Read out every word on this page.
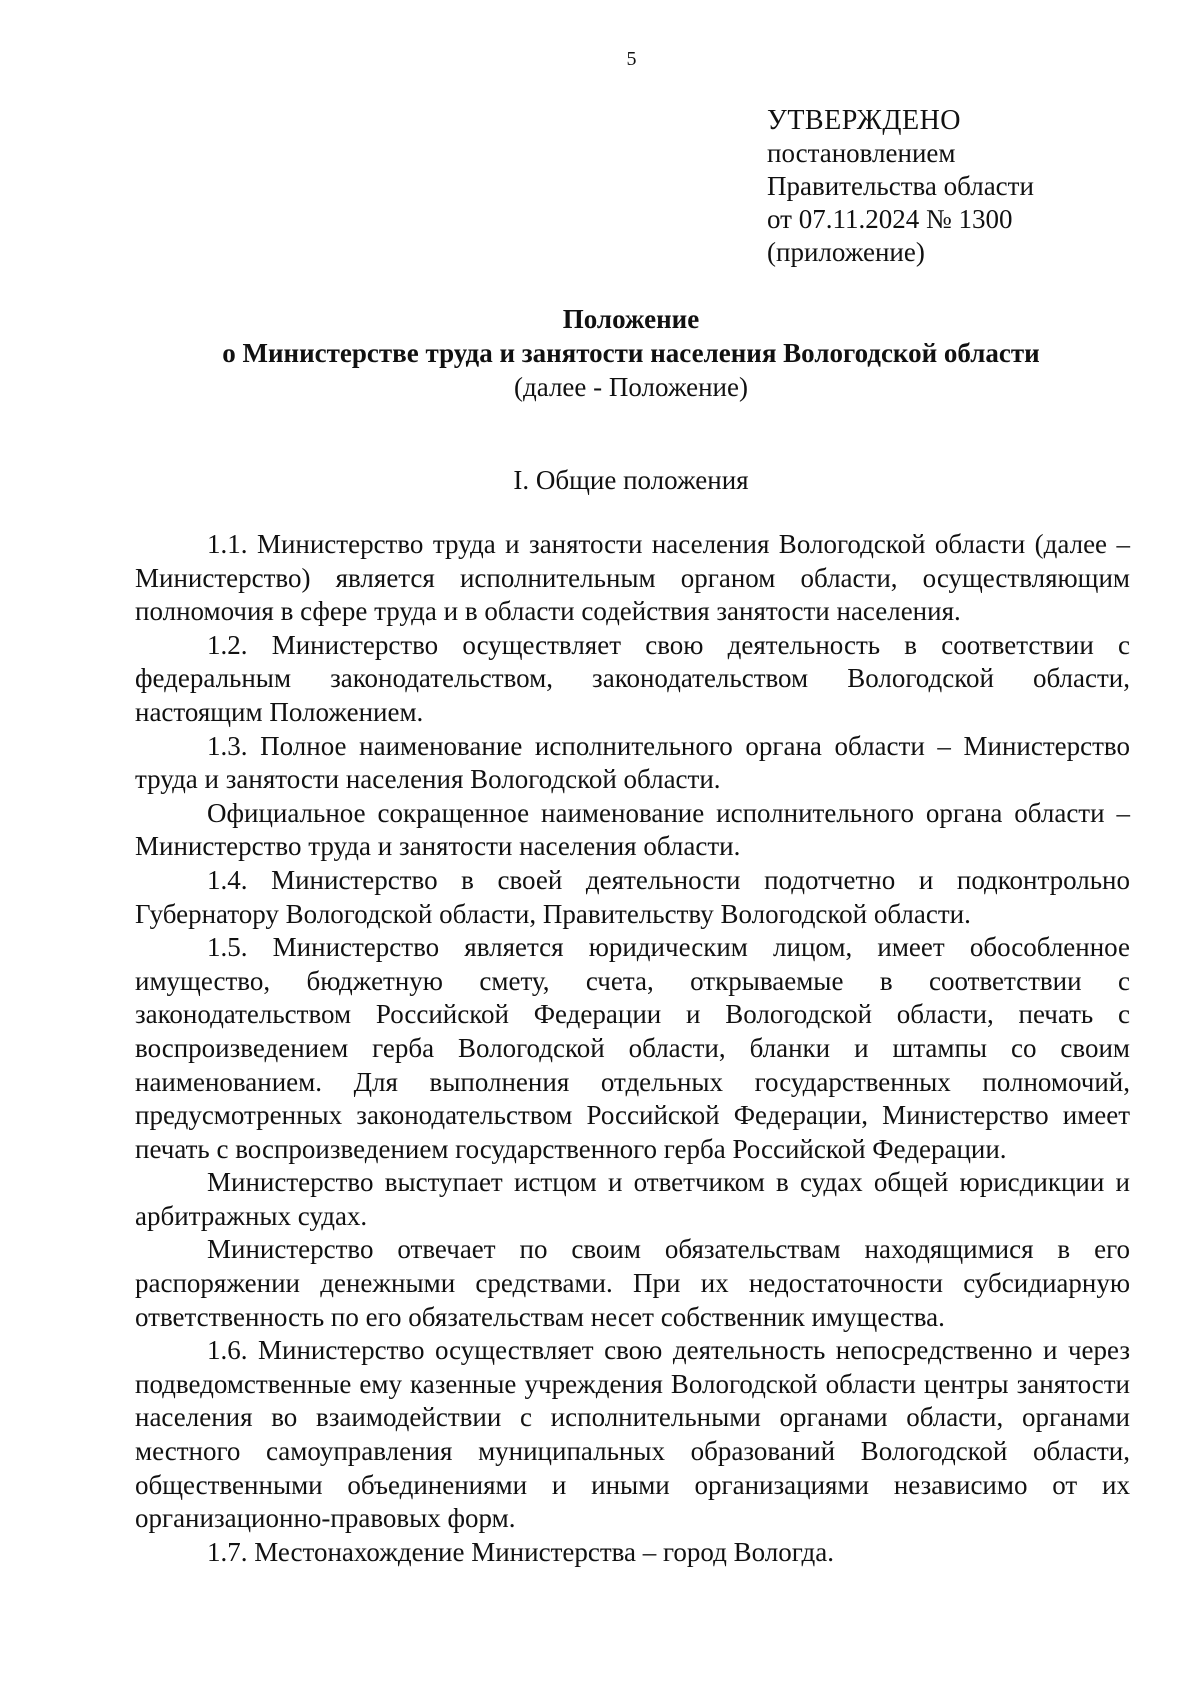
5
УТВЕРЖДЕНО
постановлением
Правительства области
от 07.11.2024 № 1300
(приложение)
Положение
о Министерстве труда и занятости населения Вологодской области
(далее - Положение)
I. Общие положения

1.1. Министерство труда и занятости населения Вологодской области (далее – Министерство) является исполнительным органом области, осуществляющим полномочия в сфере труда и в области содействия занятости населения.

1.2. Министерство осуществляет свою деятельность в соответствии с федеральным законодательством, законодательством Вологодской области, настоящим Положением.

1.3. Полное наименование исполнительного органа области – Министерство труда и занятости населения Вологодской области.

Официальное сокращенное наименование исполнительного органа области – Министерство труда и занятости населения области.

1.4. Министерство в своей деятельности подотчетно и подконтрольно Губернатору Вологодской области, Правительству Вологодской области.

1.5. Министерство является юридическим лицом, имеет обособленное имущество, бюджетную смету, счета, открываемые в соответствии с законодательством Российской Федерации и Вологодской области, печать с воспроизведением герба Вологодской области, бланки и штампы со своим наименованием. Для выполнения отдельных государственных полномочий, предусмотренных законодательством Российской Федерации, Министерство имеет печать с воспроизведением государственного герба Российской Федерации.

Министерство выступает истцом и ответчиком в судах общей юрисдикции и арбитражных судах.

Министерство отвечает по своим обязательствам находящимися в его распоряжении денежными средствами. При их недостаточности субсидиарную ответственность по его обязательствам несет собственник имущества.

1.6. Министерство осуществляет свою деятельность непосредственно и через подведомственные ему казенные учреждения Вологодской области центры занятости населения во взаимодействии с исполнительными органами области, органами местного самоуправления муниципальных образований Вологодской области, общественными объединениями и иными организациями независимо от их организационно-правовых форм.

1.7. Местонахождение Министерства – город Вологда.
